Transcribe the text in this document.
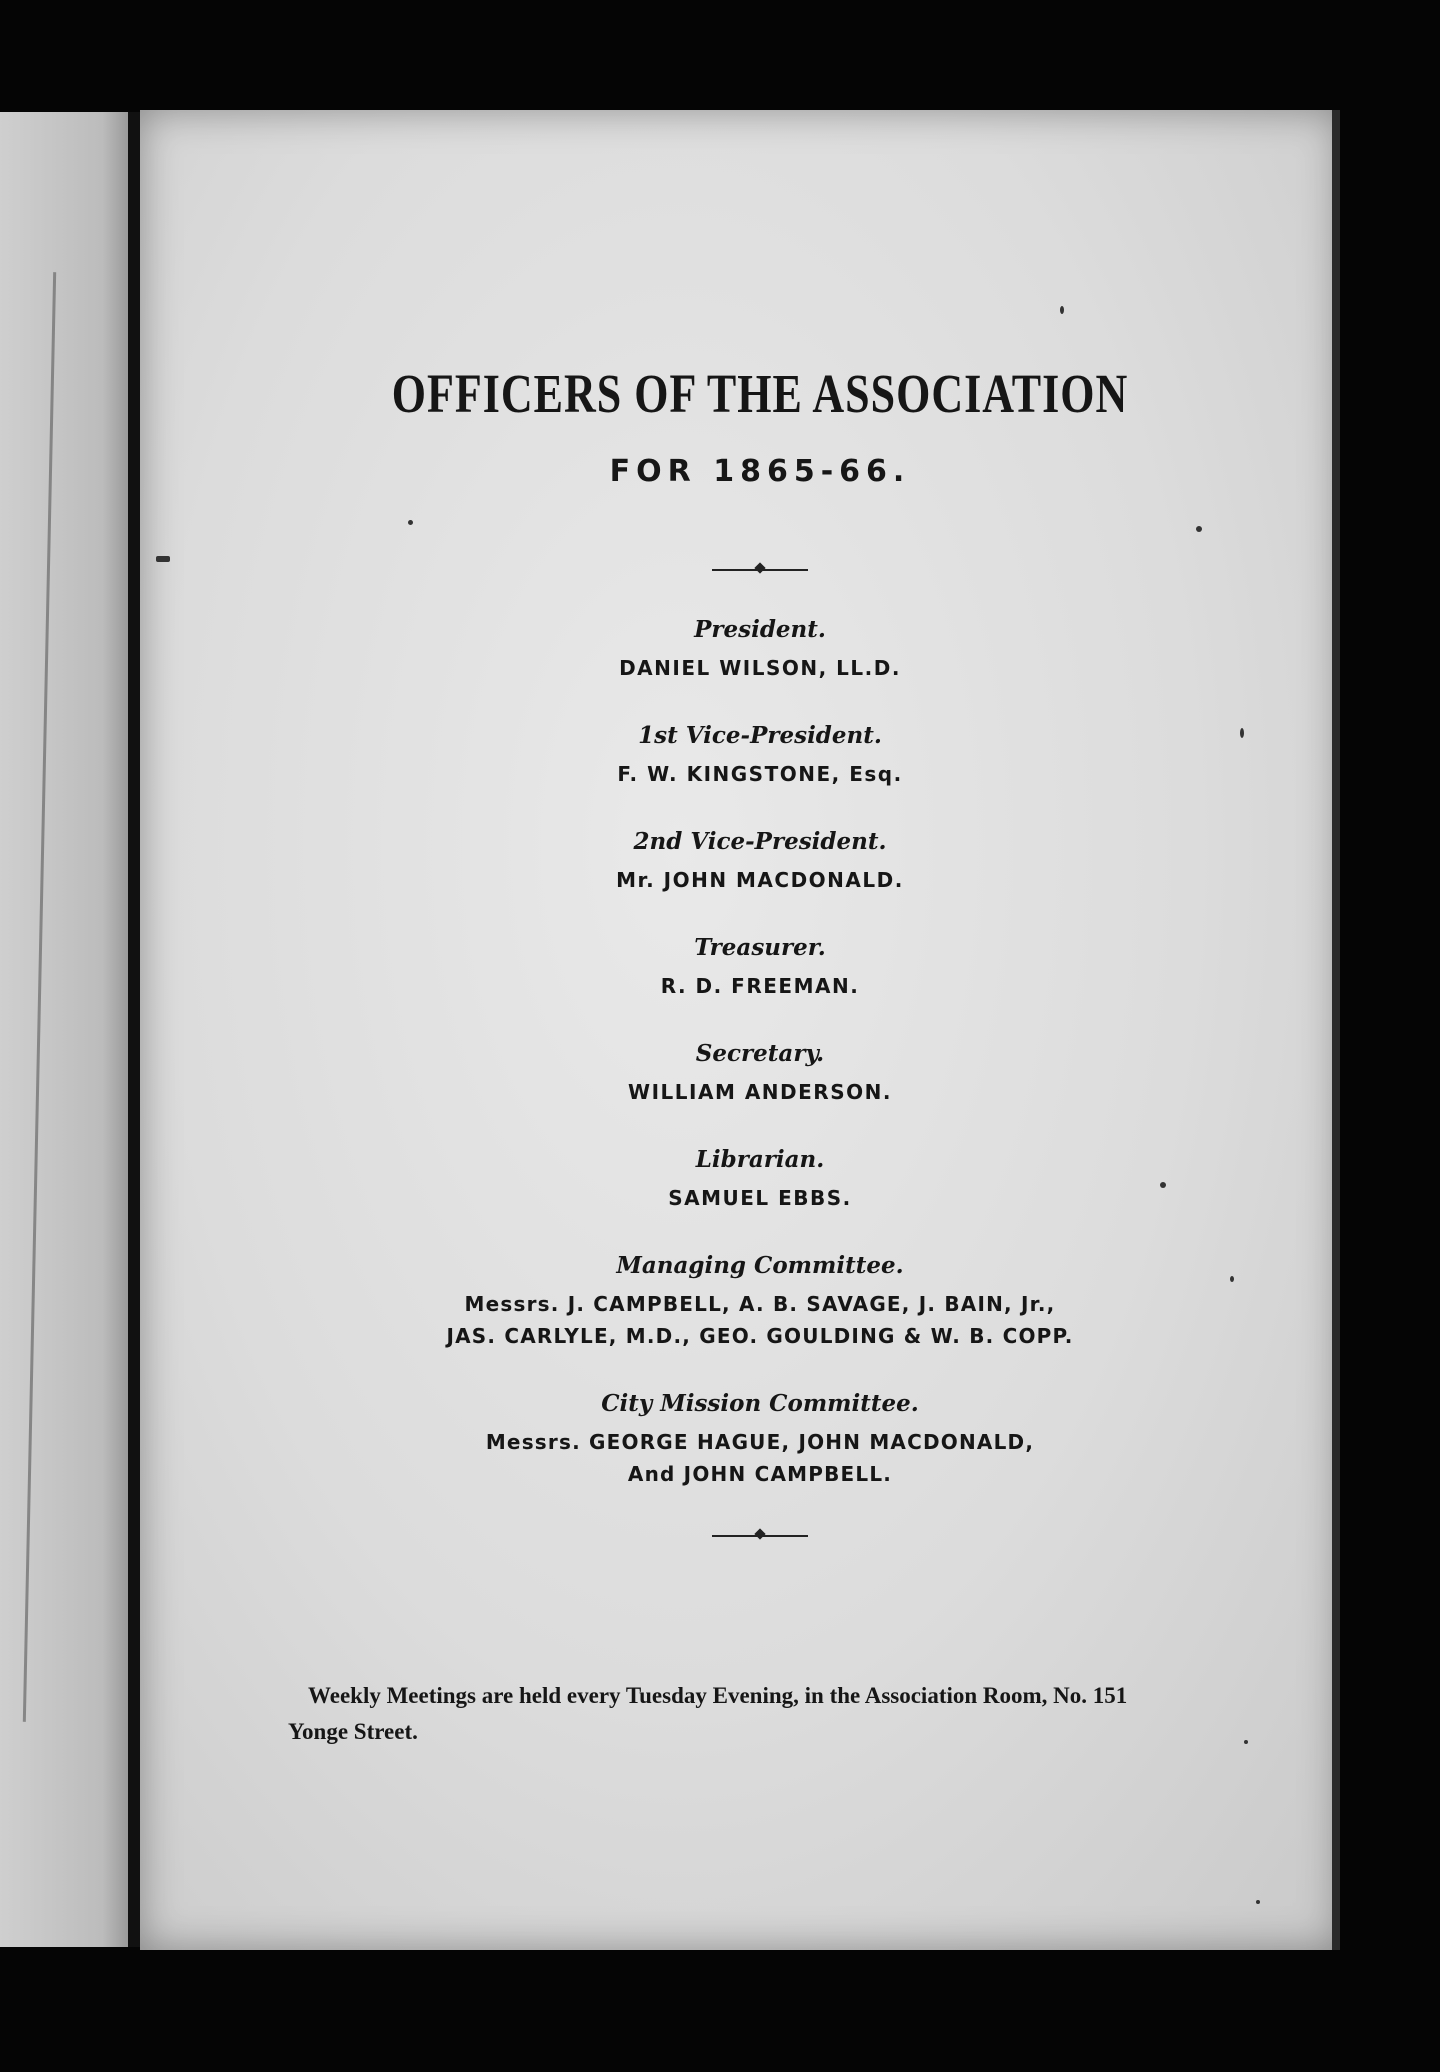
OFFICERS OF THE ASSOCIATION
FOR 1865-66.
President.
DANIEL WILSON, LL.D.
1st Vice-President.
F. W. KINGSTONE, Esq.
2nd Vice-President.
Mr. JOHN MACDONALD.
Treasurer.
R. D. FREEMAN.
Secretary.
WILLIAM ANDERSON.
Librarian.
SAMUEL EBBS.
Managing Committee.
Messrs. J. CAMPBELL, A. B. SAVAGE, J. BAIN, Jr.,
JAS. CARLYLE, M.D., GEO. GOULDING & W. B. COPP.
City Mission Committee.
Messrs. GEORGE HAGUE, JOHN MACDONALD,
And JOHN CAMPBELL.
Weekly Meetings are held every Tuesday Evening, in the Association Room, No. 151 Yonge Street.
